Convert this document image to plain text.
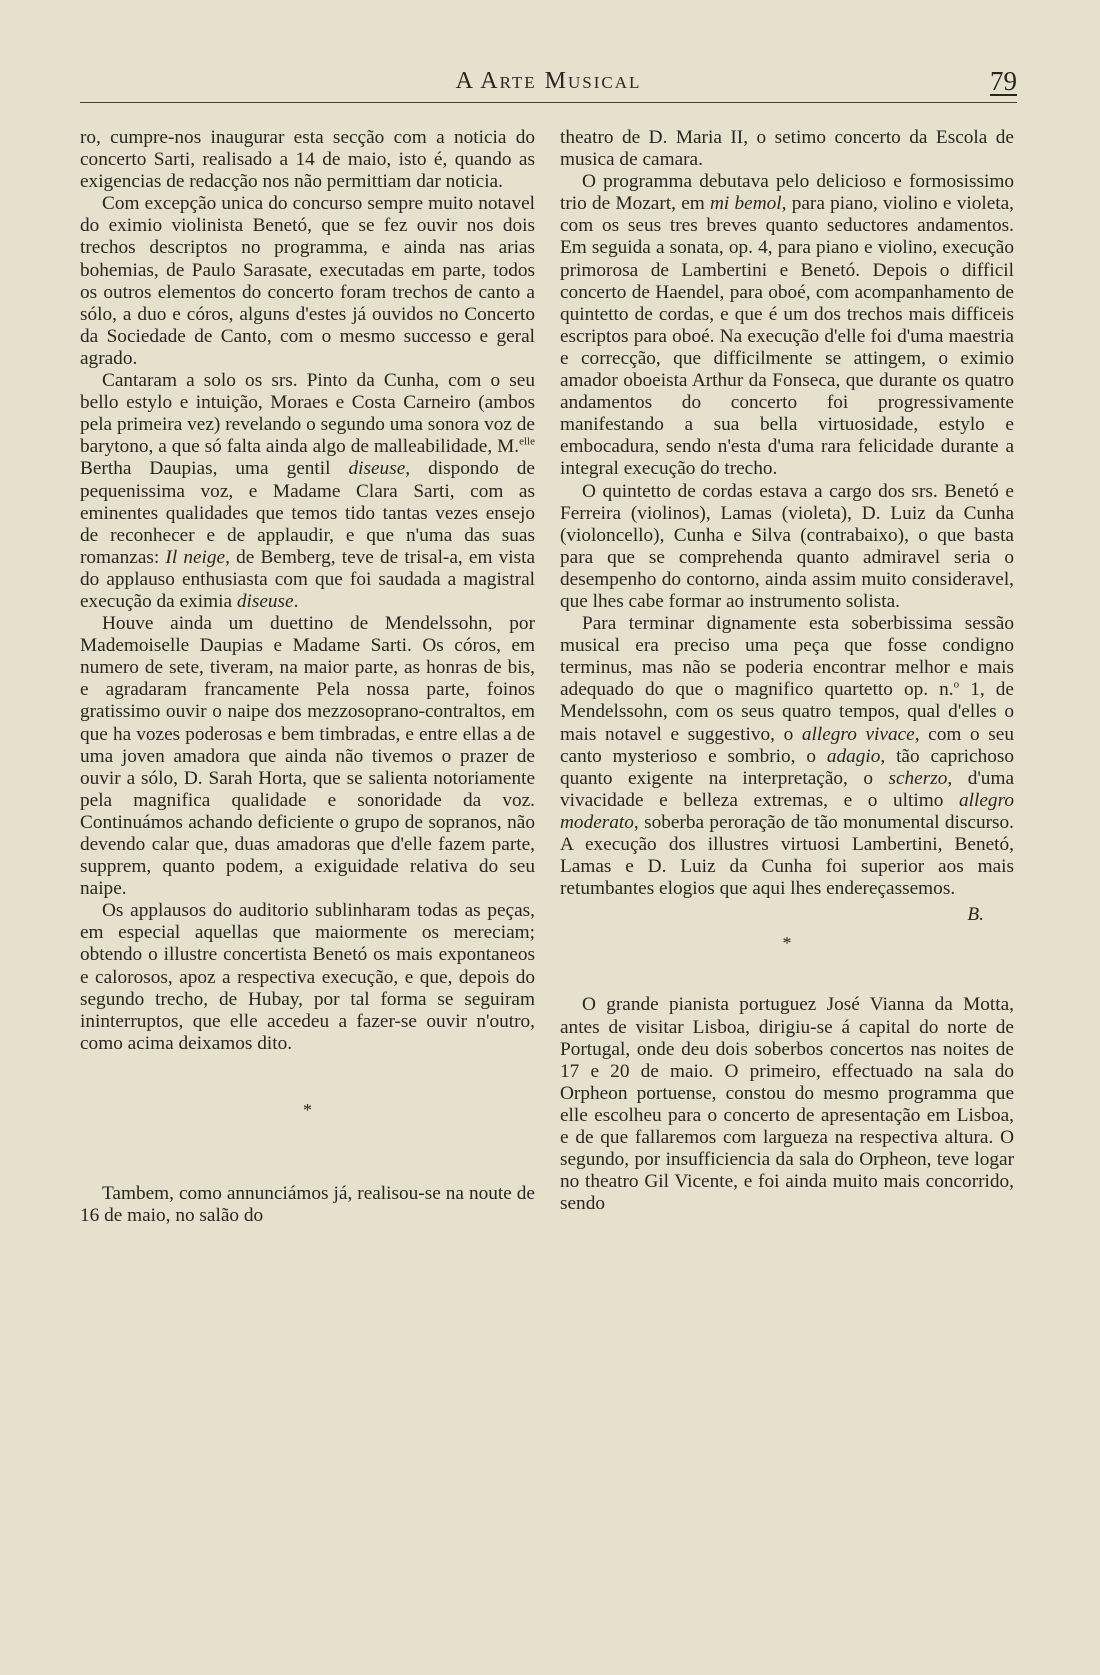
A Arte Musical	79

ro, cumpre-nos inaugurar esta secção com a noticia do concerto Sarti, realisado a 14 de maio, isto é, quando as exigencias de redacção nos não permittiam dar noticia.

Com excepção unica do concurso sempre muito notavel do eximio violinista Benetó, que se fez ouvir nos dois trechos descriptos no programma, e ainda nas arias bohemias, de Paulo Sarasate, executadas em parte, todos os outros elementos do concerto foram trechos de canto a sólo, a duo e córos, alguns d'estes já ouvidos no Concerto da Sociedade de Canto, com o mesmo successo e geral agrado.

Cantaram a solo os srs. Pinto da Cunha, com o seu bello estylo e intuição, Moraes e Costa Carneiro (ambos pela primeira vez) revelando o segundo uma sonora voz de barytono, a que só falta ainda algo de malleabilidade, M.$^{elle}$ Bertha Daupias, uma gentil diseuse, dispondo de pequenissima voz, e Madame Clara Sarti, com as eminentes qualidades que temos tido tantas vezes ensejo de reconhecer e de applaudir, e que n'uma das suas romanzas: Il neige, de Bemberg, teve de trisal-a, em vista do applauso enthusiasta com que foi saudada a magistral execução da eximia diseuse.

Houve ainda um duettino de Mendelssohn, por Mademoiselle Daupias e Madame Sarti. Os córos, em numero de sete, tiveram, na maior parte, as honras de bis, e agradaram francamente Pela nossa parte, foinos gratissimo ouvir o naipe dos mezzosoprano-contraltos, em que ha vozes poderosas e bem timbradas, e entre ellas a de uma joven amadora que ainda não tivemos o prazer de ouvir a sólo, D. Sarah Horta, que se salienta notoriamente pela magnifica qualidade e sonoridade da voz. Continuámos achando deficiente o grupo de sopranos, não devendo calar que, duas amadoras que d'elle fazem parte, supprem, quanto podem, a exiguidade relativa do seu naipe.

Os applausos do auditorio sublinharam todas as peças, em especial aquellas que maiormente os mereciam; obtendo o illustre concertista Benetó os mais expontaneos e calorosos, apoz a respectiva execução, e que, depois do segundo trecho, de Hubay, por tal forma se seguiram ininterruptos, que elle accedeu a fazer-se ouvir n'outro, como acima deixamos dito.

*

Tambem, como annunciámos já, realisou-se na noute de 16 de maio, no salão do

theatro de D. Maria II, o setimo concerto da Escola de musica de camara.

O programma debutava pelo delicioso e formosissimo trio de Mozart, em mi bemol, para piano, violino e violeta, com os seus tres breves quanto seductores andamentos. Em seguida a sonata, op. 4, para piano e violino, execução primorosa de Lambertini e Benetó. Depois o difficil concerto de Haendel, para oboé, com acompanhamento de quintetto de cordas, e que é um dos trechos mais difficeis escriptos para oboé. Na execução d'elle foi d'uma maestria e correcção, que difficilmente se attingem, o eximio amador oboeista Arthur da Fonseca, que durante os quatro andamentos do concerto foi progressivamente manifestando a sua bella virtuosidade, estylo e embocadura, sendo n'esta d'uma rara felicidade durante a integral execução do trecho.

O quintetto de cordas estava a cargo dos srs. Benetó e Ferreira (violinos), Lamas (violeta), D. Luiz da Cunha (violoncello), Cunha e Silva (contrabaixo), o que basta para que se comprehenda quanto admiravel seria o desempenho do contorno, ainda assim muito consideravel, que lhes cabe formar ao instrumento solista.

Para terminar dignamente esta soberbissima sessão musical era preciso uma peça que fosse condigno terminus, mas não se poderia encontrar melhor e mais adequado do que o magnifico quartetto op. n.$^o$ 1, de Mendelssohn, com os seus quatro tempos, qual d'elles o mais notavel e suggestivo, o allegro vivace, com o seu canto mysterioso e sombrio, o adagio, tão caprichoso quanto exigente na interpretação, o scherzo, d'uma vivacidade e belleza extremas, e o ultimo allegro moderato, soberba peroração de tão monumental discurso. A execução dos illustres virtuosi Lambertini, Benetó, Lamas e D. Luiz da Cunha foi superior aos mais retumbantes elogios que aqui lhes endereçassemos.

B.
*

O grande pianista portuguez José Vianna da Motta, antes de visitar Lisboa, dirigiu-se á capital do norte de Portugal, onde deu dois soberbos concertos nas noites de 17 e 20 de maio. O primeiro, effectuado na sala do Orpheon portuense, constou do mesmo programma que elle escolheu para o concerto de apresentação em Lisboa, e de que fallaremos com largueza na respectiva altura. O segundo, por insufficiencia da sala do Orpheon, teve logar no theatro Gil Vicente, e foi ainda muito mais concorrido, sendo
